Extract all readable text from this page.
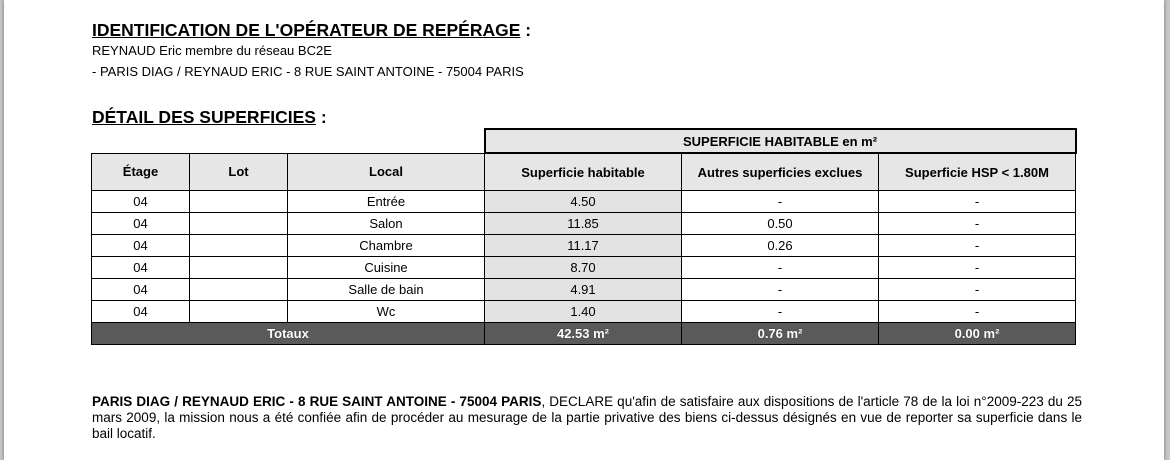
IDENTIFICATION DE L'OPÉRATEUR DE REPÉRAGE :
REYNAUD Eric membre du réseau BC2E
- PARIS DIAG / REYNAUD ERIC - 8 RUE SAINT ANTOINE - 75004 PARIS
DÉTAIL DES SUPERFICIES :
			SUPERFICIE HABITABLE en m²		
Étage	Lot	Local	Superficie habitable	Autres superficies exclues	Superficie HSP < 1.80M
04		Entrée	4.50	-	-
04		Salon	11.85	0.50	-
04		Chambre	11.17	0.26	-
04		Cuisine	8.70	-	-
04		Salle de bain	4.91	-	-
04		Wc	1.40	-	-
Totaux			42.53 m²	0.76 m²	0.00 m²
PARIS DIAG / REYNAUD ERIC - 8 RUE SAINT ANTOINE - 75004 PARIS, DECLARE qu'afin de satisfaire aux dispositions de l'article 78 de la loi n°2009-223 du 25 mars 2009, la mission nous a été confiée afin de procéder au mesurage de la partie privative des biens ci-dessus désignés en vue de reporter sa superficie dans le bail locatif.
